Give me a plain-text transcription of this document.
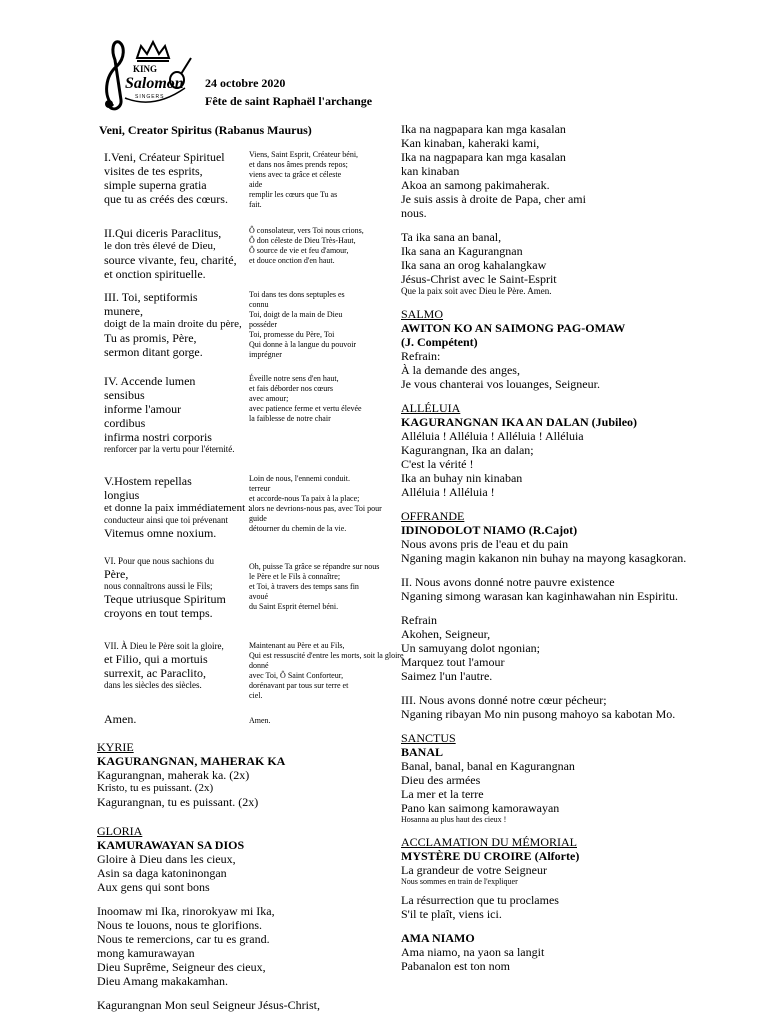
KING
Salomon
SINGERS
24 octobre 2020
Fête de saint Raphaël l'archange
Veni, Creator Spiritus (Rabanus Maurus)
I.Veni, Créateur Spirituel
visites de tes esprits,
simple superna gratia
que tu as créés des cœurs.
Viens, Saint Esprit, Créateur béni,
et dans nos âmes prends repos;
viens avec ta grâce et céleste
aide
remplir les cœurs que Tu as
fait.
II.Qui diceris Paraclitus,
le don très élevé de Dieu,
source vivante, feu, charité,
et onction spirituelle.
Ô consolateur, vers Toi nous crions,
Ô don céleste de Dieu Très-Haut,
Ô source de vie et feu d'amour,
et douce onction d'en haut.
III. Toi, septiformis
munere,
doigt de la main droite du père,
Tu as promis, Père,
sermon ditant gorge.
Toi dans tes dons septuples es
connu
Toi, doigt de la main de Dieu
posséder
Toi, promesse du Père, Toi
Qui donne à la langue du pouvoir
imprégner
IV. Accende lumen
sensibus
informe l'amour
cordibus
infirma nostri corporis
renforcer par la vertu pour l'éternité.
Éveille notre sens d'en haut,
et fais déborder nos cœurs
avec amour;
avec patience ferme et vertu élevée
la faiblesse de notre chair
V.Hostem repellas
longius
et donne la paix immédiatement :
conducteur ainsi que toi prévenant
Vitemus omne noxium.
Loin de nous, l'ennemi conduit.
terreur
et accorde-nous Ta paix à la place;
alors ne devrions-nous pas, avec Toi pour
guide
détourner du chemin de la vie.
VI. Pour que nous sachions du
Père,
nous connaîtrons aussi le Fils;
Teque utriusque Spiritum
croyons en tout temps.
Oh, puisse Ta grâce se répandre sur nous
le Père et le Fils à connaître;
et Toi, à travers des temps sans fin
avoué
du Saint Esprit éternel béni.
VII. À Dieu le Père soit la gloire,
et Filio, qui a mortuis
surrexit, ac Paraclito,
dans les siècles des siècles.
Maintenant au Père et au Fils,
Qui est ressuscité d'entre les morts, soit la gloire
donné
avec Toi, Ô Saint Conforteur,
dorénavant par tous sur terre et
ciel.
Amen.	Amen.
KYRIE
KAGURANGNAN, MAHERAK KA
Kagurangnan, maherak ka. (2x)
Kristo, tu es puissant. (2x)
Kagurangnan, tu es puissant. (2x)
GLORIA
KAMURAWAYAN SA DIOS
Gloire à Dieu dans les cieux,
Asin sa daga katoninongan
Aux gens qui sont bons
Inoomaw mi Ika, rinorokyaw mi Ika,
Nous te louons, nous te glorifions.
Nous te remercions, car tu es grand.
mong kamurawayan
Dieu Suprême, Seigneur des cieux,
Dieu Amang makakamhan.
Kagurangnan Mon seul Seigneur Jésus-Christ,
Ika na nagpapara kan mga kasalan
Kan kinaban, kaheraki kami,
Ika na nagpapara kan mga kasalan
kan kinaban
Akoa an samong pakimaherak.
Je suis assis à droite de Papa, cher ami
nous.
Ta ika sana an banal,
Ika sana an Kagurangnan
Ika sana an orog kahalangkaw
Jésus-Christ avec le Saint-Esprit
Que la paix soit avec Dieu le Père. Amen.
SALMO
AWITON KO AN SAIMONG PAG-OMAW
(J. Compétent)
Refrain:
À la demande des anges,
Je vous chanterai vos louanges, Seigneur.
ALLÉLUIA
KAGURANGNAN IKA AN DALAN (Jubileo)
Alléluia ! Alléluia ! Alléluia ! Alléluia
Kagurangnan, Ika an dalan;
C'est la vérité !
Ika an buhay nin kinaban
Alléluia ! Alléluia !
OFFRANDE
IDINODOLOT NIAMO (R.Cajot)
Nous avons pris de l'eau et du pain
Nganing magin kakanon nin buhay na mayong kasagkoran.
II. Nous avons donné notre pauvre existence
Nganing simong warasan kan kaginhawahan nin Espiritu.
Refrain
Akohen, Seigneur,
Un samuyang dolot ngonian;
Marquez tout l'amour
Saimez l'un l'autre.
III. Nous avons donné notre cœur pécheur;
Nganing ribayan Mo nin pusong mahoyo sa kabotan Mo.
SANCTUS
BANAL
Banal, banal, banal en Kagurangnan
Dieu des armées
La mer et la terre
Pano kan saimong kamorawayan
Hosanna au plus haut des cieux !
ACCLAMATION DU MÉMORIAL
MYSTÈRE DU CROIRE (Alforte)
La grandeur de votre Seigneur
Nous sommes en train de l'expliquer
La résurrection que tu proclames
S'il te plaît, viens ici.
AMA NIAMO
Ama niamo, na yaon sa langit
Pabanalon est ton nom
